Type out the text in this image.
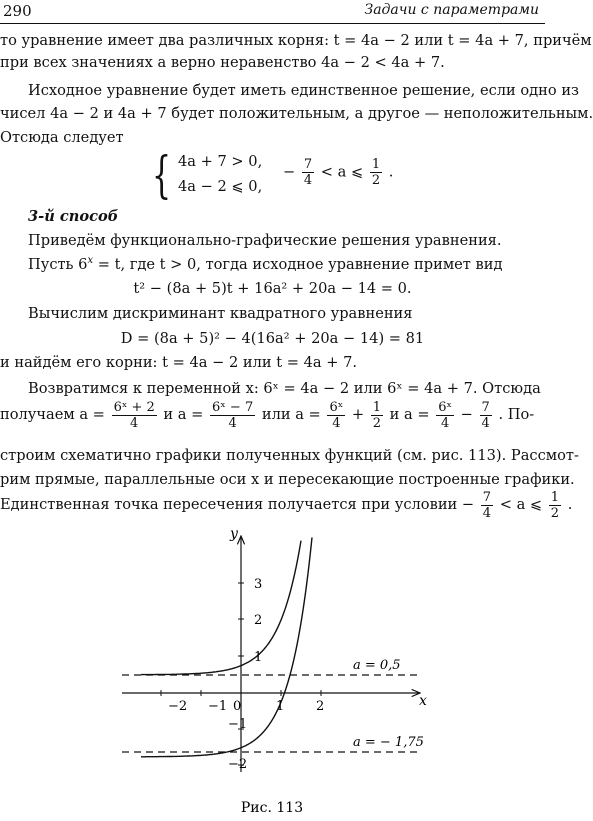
290	Задачи с параметрами
то уравнение имеет два различных корня: t = 4a − 2 или t = 4a + 7, причём
при всех значениях a верно неравенство 4a − 2 < 4a + 7.
Исходное уравнение будет иметь единственное решение, если одно из
чисел 4a − 2 и 4a + 7 будет положительным, а другое — неположительным.
Отсюда следует
{ 4a + 7 > 0,
4a − 2 ⩽ 0,
− $\frac{7}{4} < a$ ⩽ $\frac{1}{2}$ .
3-й способ
Приведём функционально-графические решения уравнения.
Пусть $6^x = t$, где t > 0, тогда исходное уравнение примет вид
t² − (8a + 5)t + 16a² + 20a − 14 = 0.
Вычислим дискриминант квадратного уравнения
D = (8a + 5)² − 4(16a² + 20a − 14) = 81
и найдём его корни: t = 4a − 2 или t = 4a + 7.
Возвратимся к переменной x: 6ˣ = 4a − 2 или 6ˣ = 4a + 7. Отсюда
получаем $a = \frac{\text{6ˣ + 2}}{4}$ и $a = \frac{\text{6ˣ − 7}}{4}$ или $a = \frac{\text{6ˣ}}{4} + \frac{1}{2}$ и $a = \frac{\text{6ˣ}}{4} - \frac{7}{4}$ . По-
строим схематично графики полученных функций (см. рис. 113). Рассмот-
рим прямые, параллельные оси x и пересекающие построенные графики.
Единственная точка пересечения получается при условии − $\frac{7}{4} < a$ ⩽ $\frac{1}{2}$ .
x
y
−2 −1 0	1 2
3
2
1
−1
−2
a = 0,5
a = − 1,75
Рис. 113
